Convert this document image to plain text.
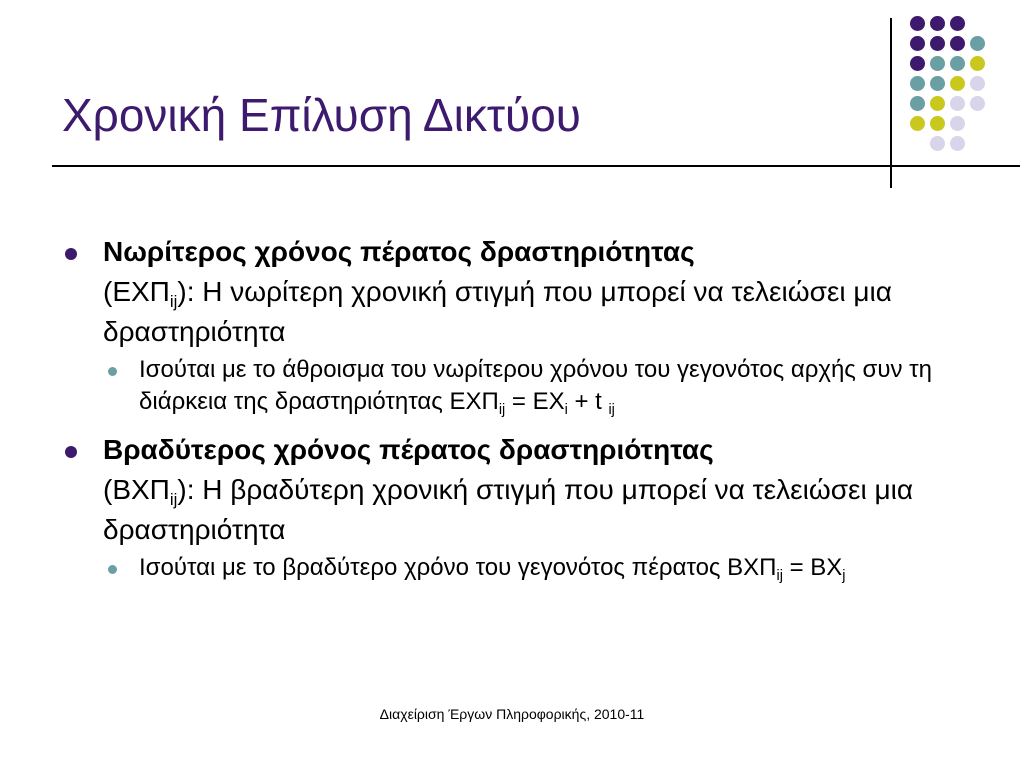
Χρονική Επίλυση Δικτύου
Νωρίτερος χρόνος πέρατος δραστηριότητας
$(EX\Pi_{ij})$: Η νωρίτερη χρονική στιγμή που μπορεί να τελειώσει μια δραστηριότητα
Ισούται με το άθροισμα του νωρίτερου χρόνου του γεγονότος αρχής συν τη διάρκεια της δραστηριότητας $EX\Pi_{ij} = EX_i + t$ $_{ij}$
Βραδύτερος χρόνος πέρατος δραστηριότητας
$(BX\Pi_{ij})$: Η βραδύτερη χρονική στιγμή που μπορεί να τελειώσει μια δραστηριότητα
Ισούται με το βραδύτερο χρόνο του γεγονότος πέρατος $BX\Pi_{ij} = BX_j$
Διαχείριση Έργων Πληροφορικής, 2010-11
